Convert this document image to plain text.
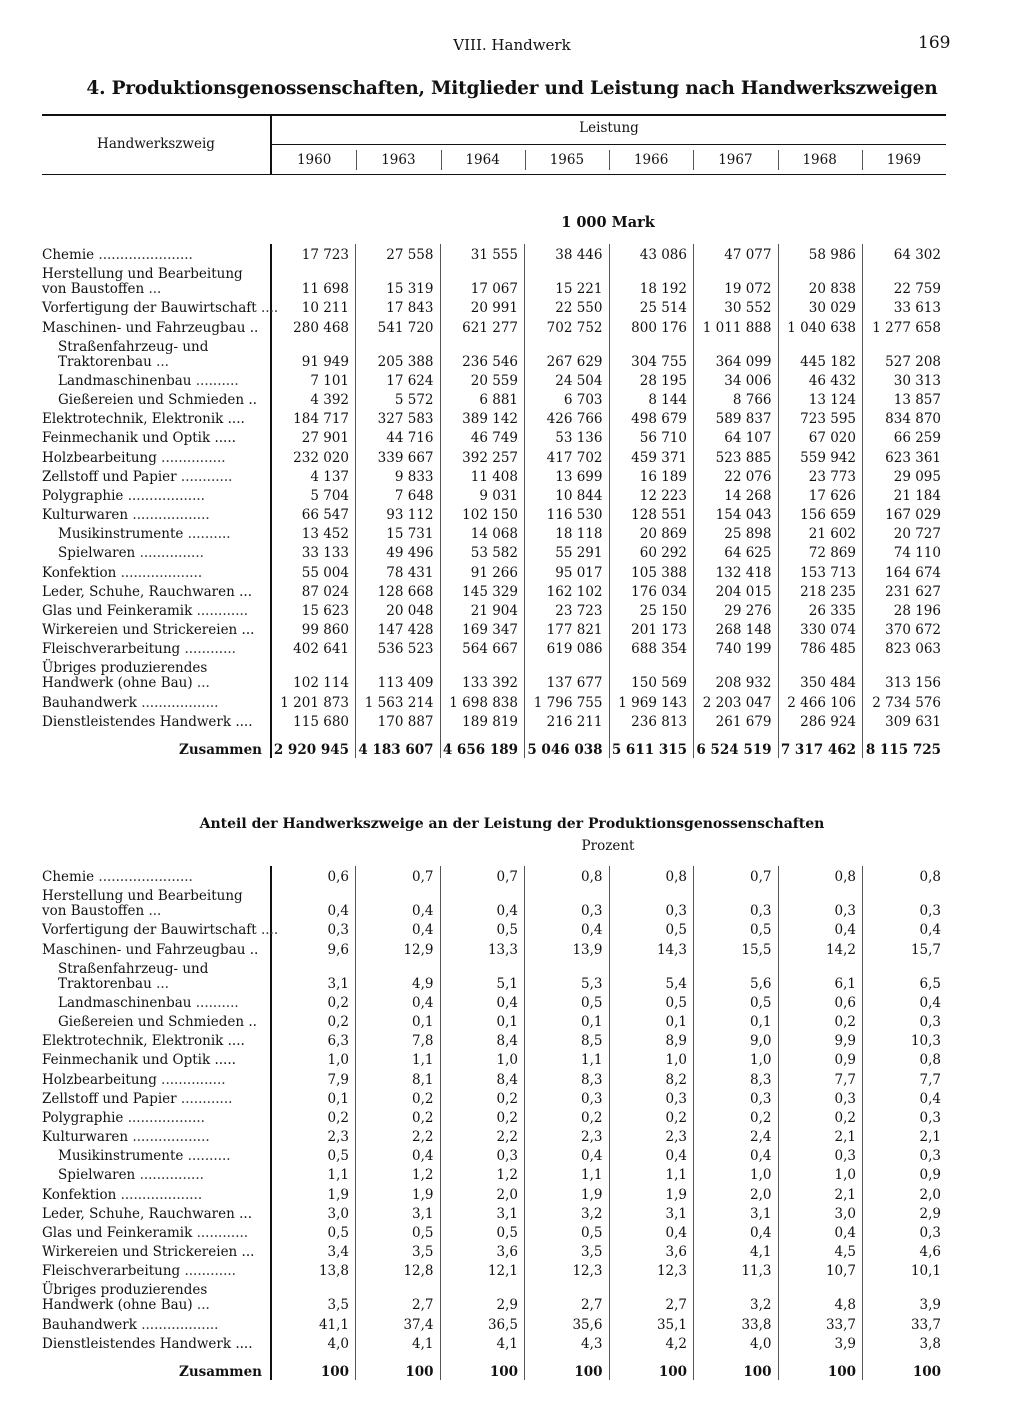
VIII. Handwerk	169
4. Produktionsgenossenschaften, Mitglieder und Leistung nach Handwerkszweigen
Handwerkszweig
Leistung
1960	1963	1964	1965	1966	1967	1968	1969
1 000 Mark
Chemie ......................	17 723	27 558	31 555	38 446	43 086	47 077	58 986	64 302
Herstellung und Bearbeitung von Baustoffen ...	11 698	15 319	17 067	15 221	18 192	19 072	20 838	22 759
Vorfertigung der Bauwirtschaft ....	10 211	17 843	20 991	22 550	25 514	30 552	30 029	33 613
Maschinen- und Fahrzeugbau ..	280 468	541 720	621 277	702 752	800 176	1 011 888	1 040 638	1 277 658
Straßenfahrzeug- und Traktorenbau ...	91 949	205 388	236 546	267 629	304 755	364 099	445 182	527 208
Landmaschinenbau ..........	7 101	17 624	20 559	24 504	28 195	34 006	46 432	30 313
Gießereien und Schmieden ..	4 392	5 572	6 881	6 703	8 144	8 766	13 124	13 857
Elektrotechnik, Elektronik ....	184 717	327 583	389 142	426 766	498 679	589 837	723 595	834 870
Feinmechanik und Optik .....	27 901	44 716	46 749	53 136	56 710	64 107	67 020	66 259
Holzbearbeitung ...............	232 020	339 667	392 257	417 702	459 371	523 885	559 942	623 361
Zellstoff und Papier ............	4 137	9 833	11 408	13 699	16 189	22 076	23 773	29 095
Polygraphie ..................	5 704	7 648	9 031	10 844	12 223	14 268	17 626	21 184
Kulturwaren ..................	66 547	93 112	102 150	116 530	128 551	154 043	156 659	167 029
Musikinstrumente ..........	13 452	15 731	14 068	18 118	20 869	25 898	21 602	20 727
Spielwaren ...............	33 133	49 496	53 582	55 291	60 292	64 625	72 869	74 110
Konfektion ...................	55 004	78 431	91 266	95 017	105 388	132 418	153 713	164 674
Leder, Schuhe, Rauchwaren ...	87 024	128 668	145 329	162 102	176 034	204 015	218 235	231 627
Glas und Feinkeramik ............	15 623	20 048	21 904	23 723	25 150	29 276	26 335	28 196
Wirkereien und Strickereien ...	99 860	147 428	169 347	177 821	201 173	268 148	330 074	370 672
Fleischverarbeitung ............	402 641	536 523	564 667	619 086	688 354	740 199	786 485	823 063
Übriges produzierendes Handwerk (ohne Bau) ...	102 114	113 409	133 392	137 677	150 569	208 932	350 484	313 156
Bauhandwerk ..................	1 201 873	1 563 214	1 698 838	1 796 755	1 969 143	2 203 047	2 466 106	2 734 576
Dienstleistendes Handwerk ....	115 680	170 887	189 819	216 211	236 813	261 679	286 924	309 631
Zusammen	2 920 945	4 183 607	4 656 189	5 046 038	5 611 315	6 524 519	7 317 462	8 115 725
Anteil der Handwerkszweige an der Leistung der Produktionsgenossenschaften
Prozent
Chemie ......................	0,6	0,7	0,7	0,8	0,8	0,7	0,8	0,8
Herstellung und Bearbeitung von Baustoffen ...	0,4	0,4	0,4	0,3	0,3	0,3	0,3	0,3
Vorfertigung der Bauwirtschaft ....	0,3	0,4	0,5	0,4	0,5	0,5	0,4	0,4
Maschinen- und Fahrzeugbau ..	9,6	12,9	13,3	13,9	14,3	15,5	14,2	15,7
Straßenfahrzeug- und Traktorenbau ...	3,1	4,9	5,1	5,3	5,4	5,6	6,1	6,5
Landmaschinenbau ..........	0,2	0,4	0,4	0,5	0,5	0,5	0,6	0,4
Gießereien und Schmieden ..	0,2	0,1	0,1	0,1	0,1	0,1	0,2	0,3
Elektrotechnik, Elektronik ....	6,3	7,8	8,4	8,5	8,9	9,0	9,9	10,3
Feinmechanik und Optik .....	1,0	1,1	1,0	1,1	1,0	1,0	0,9	0,8
Holzbearbeitung ...............	7,9	8,1	8,4	8,3	8,2	8,3	7,7	7,7
Zellstoff und Papier ............	0,1	0,2	0,2	0,3	0,3	0,3	0,3	0,4
Polygraphie ..................	0,2	0,2	0,2	0,2	0,2	0,2	0,2	0,3
Kulturwaren ..................	2,3	2,2	2,2	2,3	2,3	2,4	2,1	2,1
Musikinstrumente ..........	0,5	0,4	0,3	0,4	0,4	0,4	0,3	0,3
Spielwaren ...............	1,1	1,2	1,2	1,1	1,1	1,0	1,0	0,9
Konfektion ...................	1,9	1,9	2,0	1,9	1,9	2,0	2,1	2,0
Leder, Schuhe, Rauchwaren ...	3,0	3,1	3,1	3,2	3,1	3,1	3,0	2,9
Glas und Feinkeramik ............	0,5	0,5	0,5	0,5	0,4	0,4	0,4	0,3
Wirkereien und Strickereien ...	3,4	3,5	3,6	3,5	3,6	4,1	4,5	4,6
Fleischverarbeitung ............	13,8	12,8	12,1	12,3	12,3	11,3	10,7	10,1
Übriges produzierendes Handwerk (ohne Bau) ...	3,5	2,7	2,9	2,7	2,7	3,2	4,8	3,9
Bauhandwerk ..................	41,1	37,4	36,5	35,6	35,1	33,8	33,7	33,7
Dienstleistendes Handwerk ....	4,0	4,1	4,1	4,3	4,2	4,0	3,9	3,8
Zusammen	100	100	100	100	100	100	100	100
